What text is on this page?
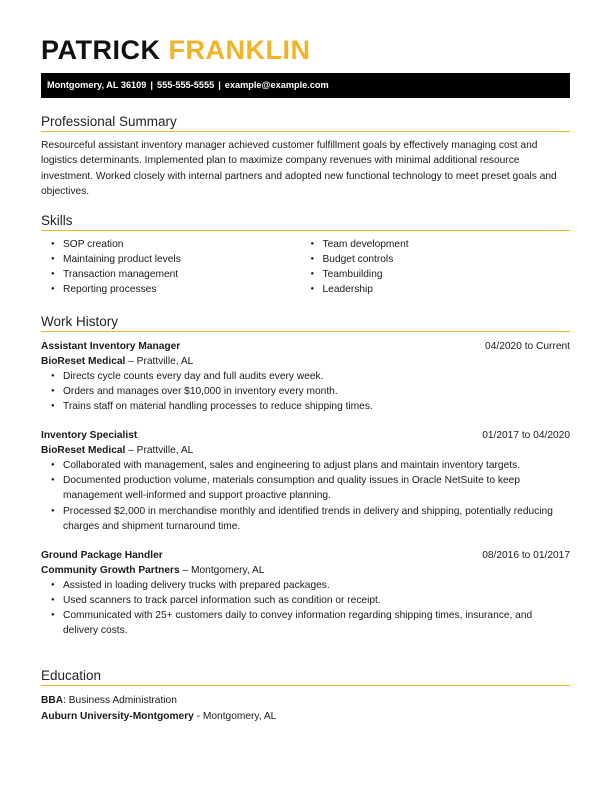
PATRICK FRANKLIN
Montgomery, AL 36109 | 555-555-5555 | example@example.com
Professional Summary
Resourceful assistant inventory manager achieved customer fulfillment goals by effectively managing cost and logistics determinants. Implemented plan to maximize company revenues with minimal additional resource investment. Worked closely with internal partners and adopted new functional technology to meet preset goals and objectives.
Skills
● SOP creation
● Maintaining product levels
● Transaction management
● Reporting processes
● Team development
● Budget controls
● Teambuilding
● Leadership
Work History
Assistant Inventory Manager	04/2020 to Current
BioReset Medical – Prattville, AL
● Directs cycle counts every day and full audits every week.
● Orders and manages over $10,000 in inventory every month.
● Trains staff on material handling processes to reduce shipping times.
Inventory Specialist	01/2017 to 04/2020
BioReset Medical – Prattville, AL
● Collaborated with management, sales and engineering to adjust plans and maintain inventory targets.
● Documented production volume, materials consumption and quality issues in Oracle NetSuite to keep management well-informed and support proactive planning.
● Processed $2,000 in merchandise monthly and identified trends in delivery and shipping, potentially reducing charges and shipment turnaround time.
Ground Package Handler	08/2016 to 01/2017
Community Growth Partners – Montgomery, AL
● Assisted in loading delivery trucks with prepared packages.
● Used scanners to track parcel information such as condition or receipt.
● Communicated with 25+ customers daily to convey information regarding shipping times, insurance, and delivery costs.
Education
BBA: Business Administration
Auburn University-Montgomery - Montgomery, AL
